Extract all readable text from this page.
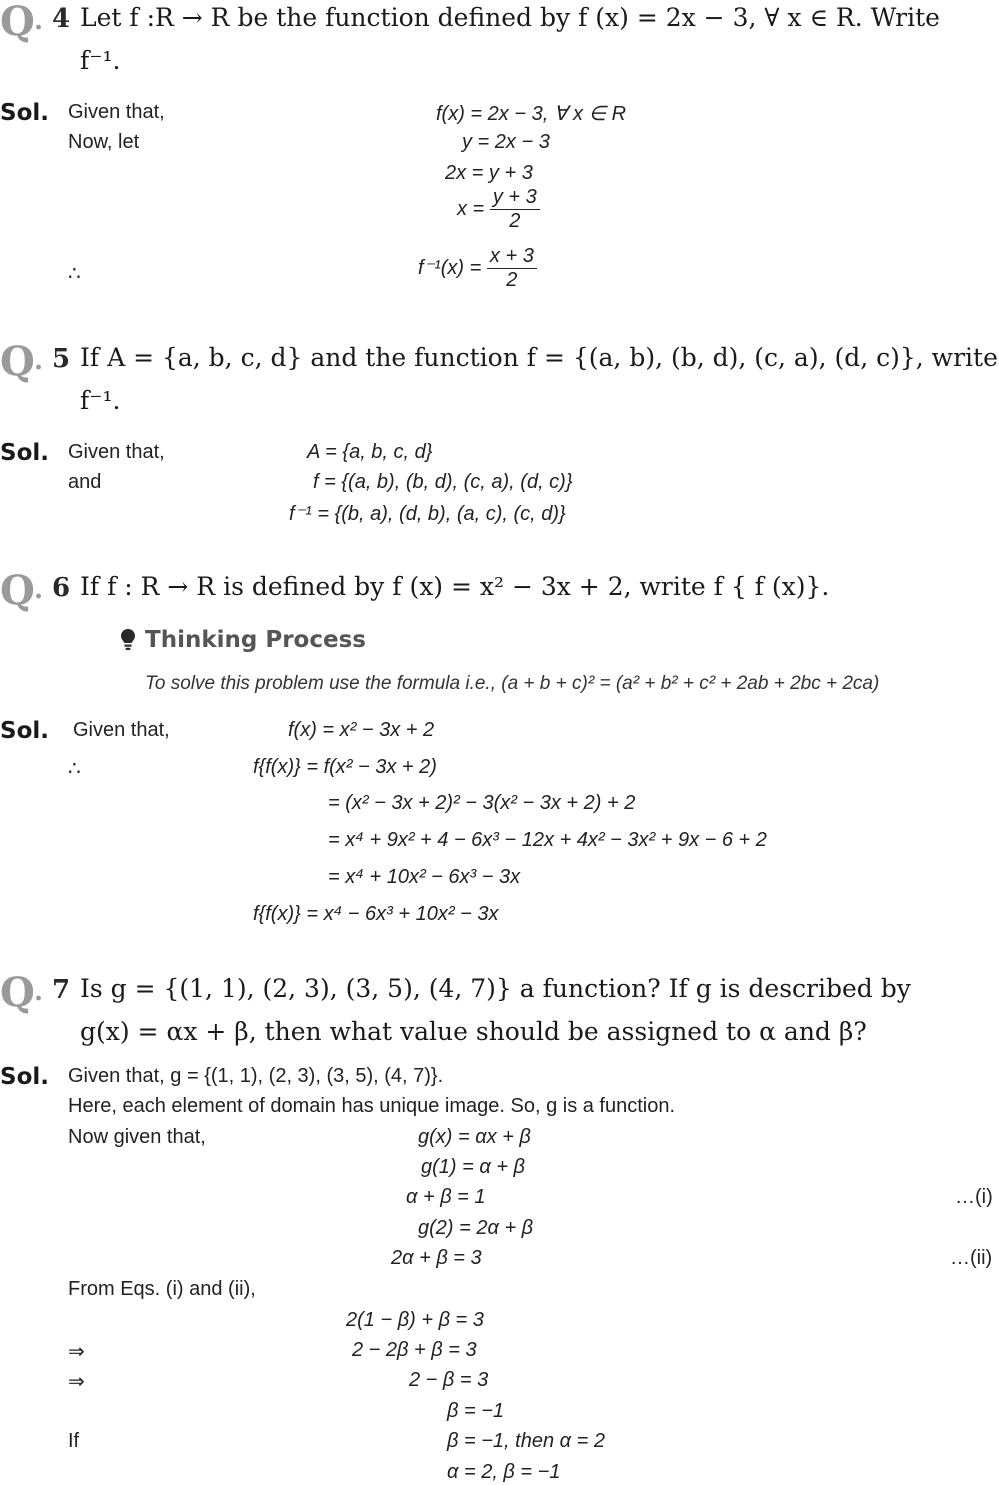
Q . 4 Let f :R → R be the function defined by f (x) = 2x − 3, ∀ x ∈ R. Write
f⁻¹.
Sol. Given that,
Now, let
∴
f(x) = 2x − 3, ∀ x ∈ R
y = 2x − 3
2x = y + 3
$x = \frac{y + 3}{2}$
$f^{-1}(x) = \frac{x + 3}{2}$
Q . 5 If A = {a, b, c, d} and the function f = {(a, b), (b, d), (c, a), (d, c)}, write
f⁻¹.
Sol. Given that,
and
A = {a, b, c, d}
f = {(a, b), (b, d), (c, a), (d, c)}
f⁻¹ = {(b, a), (d, b), (a, c), (c, d)}
Q . 6 If f : R → R is defined by f (x) = x² − 3x + 2, write f { f (x)}.
Thinking Process
To solve this problem use the formula i.e., (a + b + c)² = (a² + b² + c² + 2ab + 2bc + 2ca)
Sol. Given that,
∴
f(x) = x² − 3x + 2
f{f(x)} = f(x² − 3x + 2)
= (x² − 3x + 2)² − 3(x² − 3x + 2) + 2
= x⁴ + 9x² + 4 − 6x³ − 12x + 4x² − 3x² + 9x − 6 + 2
= x⁴ + 10x² − 6x³ − 3x
f{f(x)} = x⁴ − 6x³ + 10x² − 3x
Q . 7 Is g = {(1, 1), (2, 3), (3, 5), (4, 7)} a function? If g is described by
g(x) = αx + β, then what value should be assigned to α and β?
Sol. Given that, g = {(1, 1), (2, 3), (3, 5), (4, 7)}.
Here, each element of domain has unique image. So, g is a function.
Now given that,
From Eqs. (i) and (ii),
g(x) = αx + β
g(1) = α + β
α + β = 1	…(i)
g(2) = 2α + β
2α + β = 3	…(ii)
2(1 − β) + β = 3
⇒	2 − 2β + β = 3
⇒	2 − β = 3
β = −1
If	β = −1, then α = 2
α = 2, β = −1
